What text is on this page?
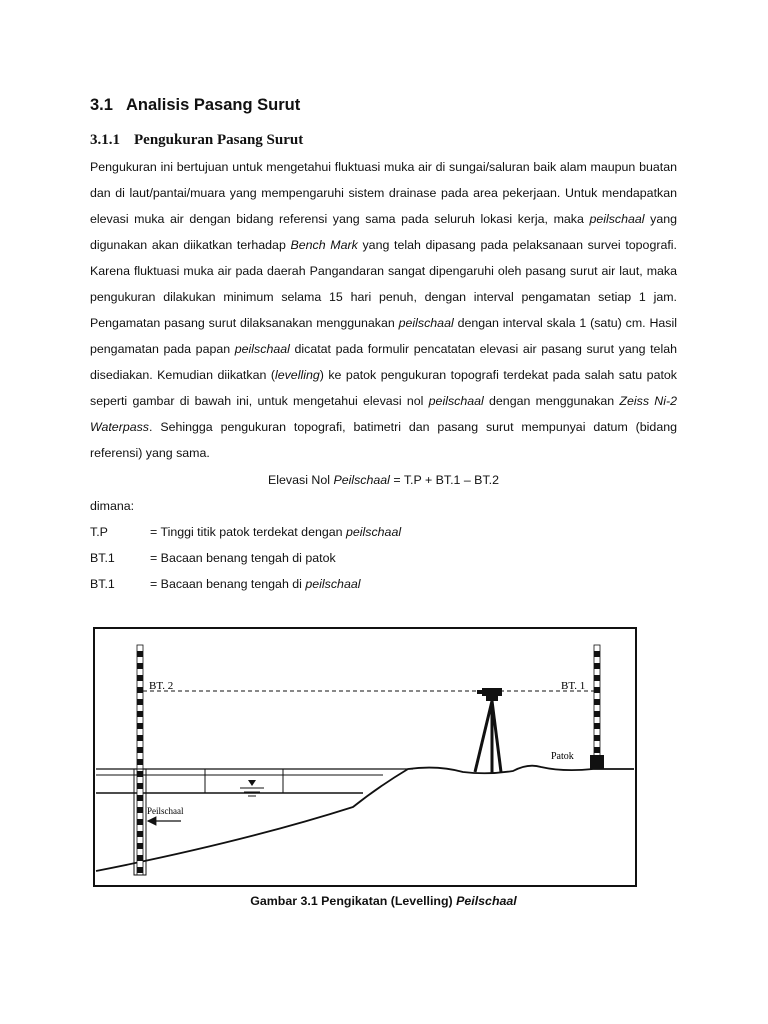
3.1 Analisis Pasang Surut
3.1.1 Pengukuran Pasang Surut

Pengukuran ini bertujuan untuk mengetahui fluktuasi muka air di sungai/saluran baik alam maupun buatan dan di laut/pantai/muara yang mempengaruhi sistem drainase pada area pekerjaan. Untuk mendapatkan elevasi muka air dengan bidang referensi yang sama pada seluruh lokasi kerja, maka peilschaal yang digunakan akan diikatkan terhadap Bench Mark yang telah dipasang pada pelaksanaan survei topografi. Karena fluktuasi muka air pada daerah Pangandaran sangat dipengaruhi oleh pasang surut air laut, maka pengukuran dilakukan minimum selama 15 hari penuh, dengan interval pengamatan setiap 1 jam. Pengamatan pasang surut dilaksanakan menggunakan peilschaal dengan interval skala 1 (satu) cm. Hasil pengamatan pada papan peilschaal dicatat pada formulir pencatatan elevasi air pasang surut yang telah disediakan. Kemudian diikatkan (levelling) ke patok pengukuran topografi terdekat pada salah satu patok seperti gambar di bawah ini, untuk mengetahui elevasi nol peilschaal dengan menggunakan Zeiss Ni-2 Waterpass. Sehingga pengukuran topografi, batimetri dan pasang surut mempunyai datum (bidang referensi) yang sama.

Elevasi Nol Peilschaal = T.P + BT.1 – BT.2
dimana:
T.P	= Tinggi titik patok terdekat dengan peilschaal
BT.1	= Bacaan benang tengah di patok
BT.1	= Bacaan benang tengah di peilschaal
BT. 2	BT. 1
Patok
Peilschaal
Gambar 3.1 Pengikatan (Levelling) Peilschaal
